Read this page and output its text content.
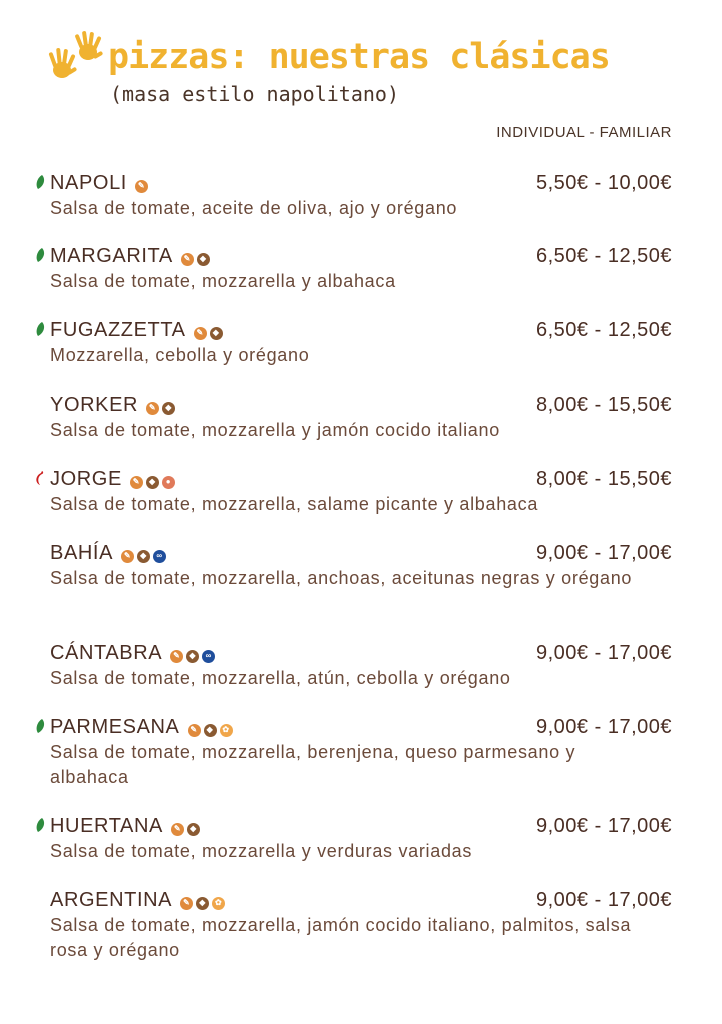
pizzas: nuestras clásicas
(masa estilo napolitano)
INDIVIDUAL - FAMILIAR
NAPOLI	✎	5,50€ - 10,00€
Salsa de tomate, aceite de oliva, ajo y orégano
MARGARITA	✎	◆	6,50€ - 12,50€
Salsa de tomate, mozzarella y albahaca
FUGAZZETTA	✎	◆	6,50€ - 12,50€
Mozzarella, cebolla y orégano
YORKER	✎	◆	8,00€ - 15,50€
Salsa de tomate, mozzarella y jamón cocido italiano
JORGE	✎	◆	●	8,00€ - 15,50€
Salsa de tomate, mozzarella, salame picante y albahaca
BAHÍA	✎	◆	∞	9,00€ - 17,00€
Salsa de tomate, mozzarella, anchoas, aceitunas negras y orégano
CÁNTABRA	✎	◆	∞	9,00€ - 17,00€
Salsa de tomate, mozzarella, atún, cebolla y orégano
PARMESANA	✎	◆	✿	9,00€ - 17,00€
Salsa de tomate, mozzarella, berenjena, queso parmesano y albahaca
HUERTANA	✎	◆	9,00€ - 17,00€
Salsa de tomate, mozzarella y verduras variadas
ARGENTINA	✎	◆	✿	9,00€ - 17,00€
Salsa de tomate, mozzarella, jamón cocido italiano, palmitos, salsa rosa y orégano
